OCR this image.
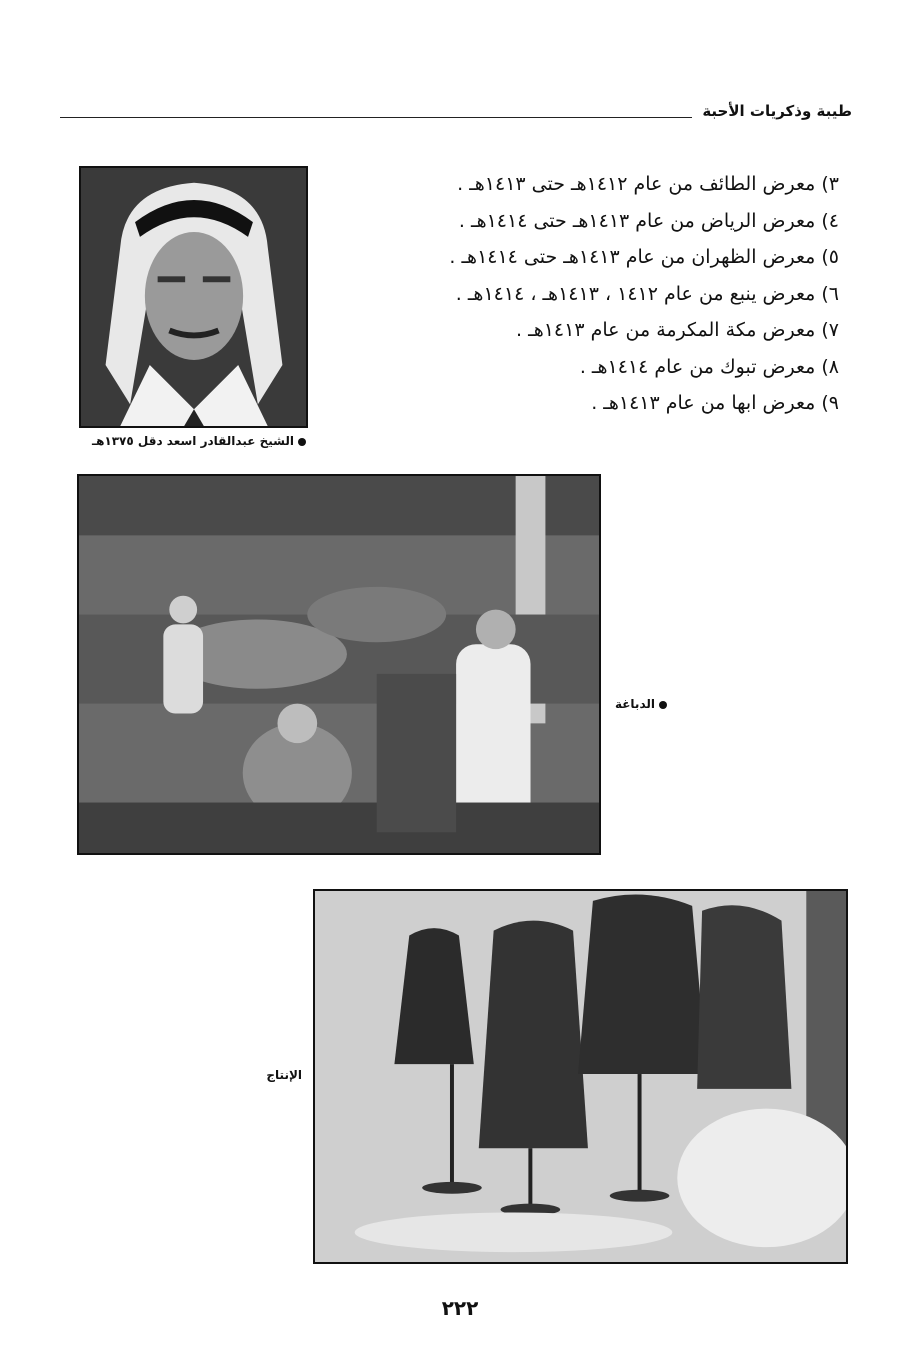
طيبة وذكريات الأحبة
٣) معرض الطائف من عام ١٤١٢هـ حتى ١٤١٣هـ .
٤) معرض الرياض من عام ١٤١٣هـ حتى ١٤١٤هـ .
٥) معرض الظهران من عام ١٤١٣هـ حتى ١٤١٤هـ .
٦) معرض ينبع من عام ١٤١٢ ، ١٤١٣هـ ، ١٤١٤هـ .
٧) معرض مكة المكرمة من عام ١٤١٣هـ .
٨) معرض تبوك من عام ١٤١٤هـ .
٩) معرض ابها من عام ١٤١٣هـ .
الشيخ عبدالقادر اسعد دقل ١٣٧٥هـ
الدباغة
الإنتاج
٢٢٢
